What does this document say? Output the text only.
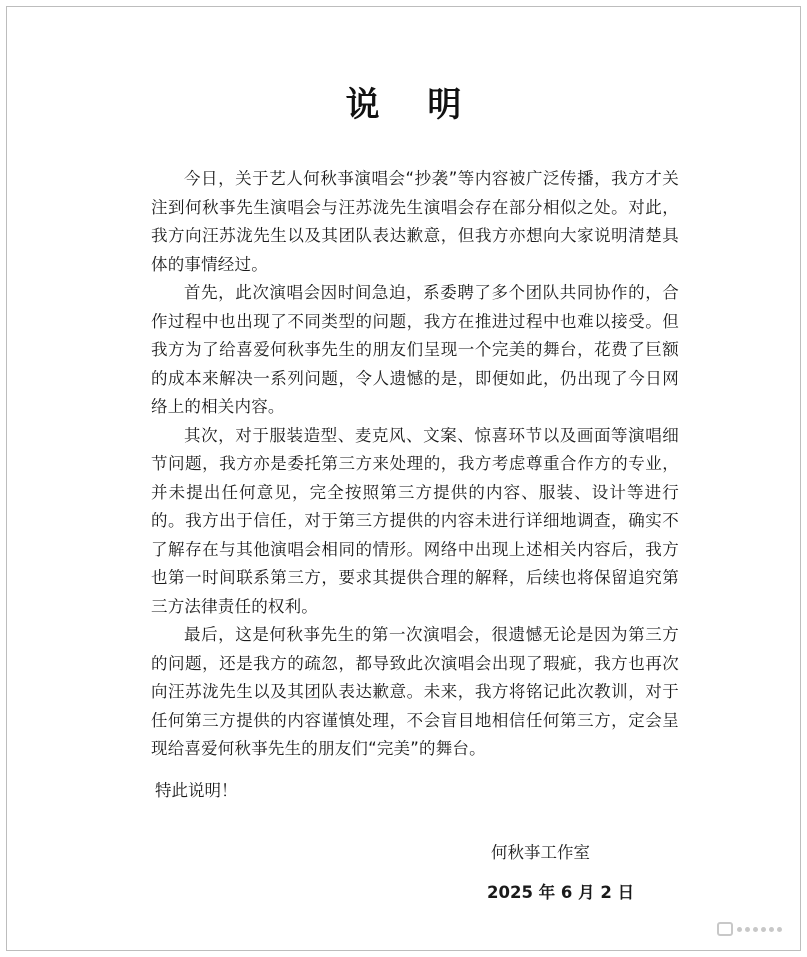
说 明

今日，关于艺人何秋亊演唱会“抄袭”等内容被广泛传播，我方才关注到何秋亊先生演唱会与汪苏泷先生演唱会存在部分相似之处。对此，我方向汪苏泷先生以及其团队表达歉意，但我方亦想向大家说明清楚具体的事情经过。

首先，此次演唱会因时间急迫，系委聘了多个团队共同协作的，合作过程中也出现了不同类型的问题，我方在推进过程中也难以接受。但我方为了给喜爱何秋亊先生的朋友们呈现一个完美的舞台，花费了巨额的成本来解决一系列问题，令人遗憾的是，即便如此，仍出现了今日网络上的相关内容。

其次，对于服装造型、麦克风、文案、惊喜环节以及画面等演唱细节问题，我方亦是委托第三方来处理的，我方考虑尊重合作方的专业，并未提出任何意见，完全按照第三方提供的内容、服装、设计等进行的。我方出于信任，对于第三方提供的内容未进行详细地调查，确实不了解存在与其他演唱会相同的情形。网络中出现上述相关内容后，我方也第一时间联系第三方，要求其提供合理的解释，后续也将保留追究第三方法律责任的权利。

最后，这是何秋亊先生的第一次演唱会，很遗憾无论是因为第三方的问题，还是我方的疏忽，都导致此次演唱会出现了瑕疵，我方也再次向汪苏泷先生以及其团队表达歉意。未来，我方将铭记此次教训，对于任何第三方提供的内容谨慎处理，不会盲目地相信任何第三方，定会呈现给喜爱何秋亊先生的朋友们“完美”的舞台。

特此说明！
何秋亊工作室
2025 年 6 月 2 日
